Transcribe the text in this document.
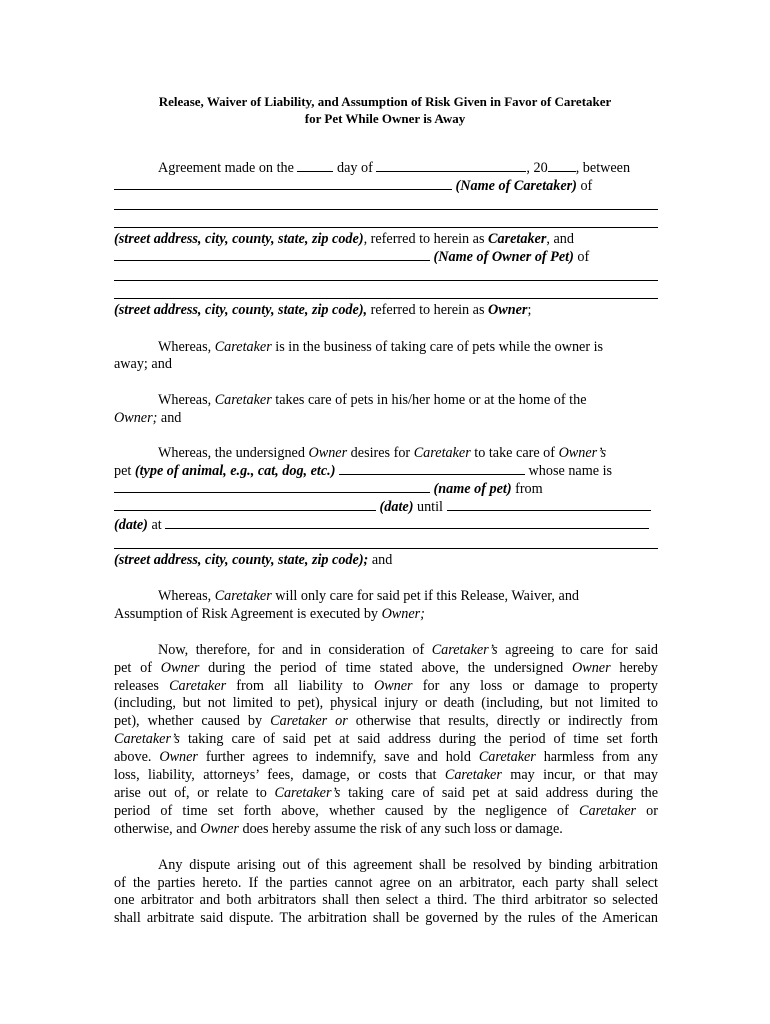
Release, Waiver of Liability, and Assumption of Risk Given in Favor of Caretaker
for Pet While Owner is Away
Agreement made on the	day of	, 20 , between
(Name of Caretaker) of
(street address, city, county, state, zip code), referred to herein as Caretaker, and
(Name of Owner of Pet) of
(street address, city, county, state, zip code), referred to herein as Owner;
Whereas, Caretaker is in the business of taking care of pets while the owner is
away; and
Whereas, Caretaker takes care of pets in his/her home or at the home of the
Owner; and
Whereas, the undersigned Owner desires for Caretaker to take care of Owner’s
pet (type of animal, e.g., cat, dog, etc.)	whose name is
(name of pet) from
(date) until
(date) at
(street address, city, county, state, zip code); and
Whereas, Caretaker will only care for said pet if this Release, Waiver, and
Assumption of Risk Agreement is executed by Owner;
Now, therefore, for and in consideration of Caretaker’s agreeing to care for said
pet of Owner during the period of time stated above, the undersigned Owner hereby
releases Caretaker from all liability to Owner for any loss or damage to property
(including, but not limited to pet), physical injury or death (including, but not limited to
pet), whether caused by Caretaker or otherwise that results, directly or indirectly from
Caretaker’s taking care of said pet at said address during the period of time set forth
above. Owner further agrees to indemnify, save and hold Caretaker harmless from any
loss, liability, attorneys’ fees, damage, or costs that Caretaker may incur, or that may
arise out of, or relate to Caretaker’s taking care of said pet at said address during the
period of time set forth above, whether caused by the negligence of Caretaker or
otherwise, and Owner does hereby assume the risk of any such loss or damage.
Any dispute arising out of this agreement shall be resolved by binding arbitration
of the parties hereto. If the parties cannot agree on an arbitrator, each party shall select
one arbitrator and both arbitrators shall then select a third. The third arbitrator so selected
shall arbitrate said dispute. The arbitration shall be governed by the rules of the American
